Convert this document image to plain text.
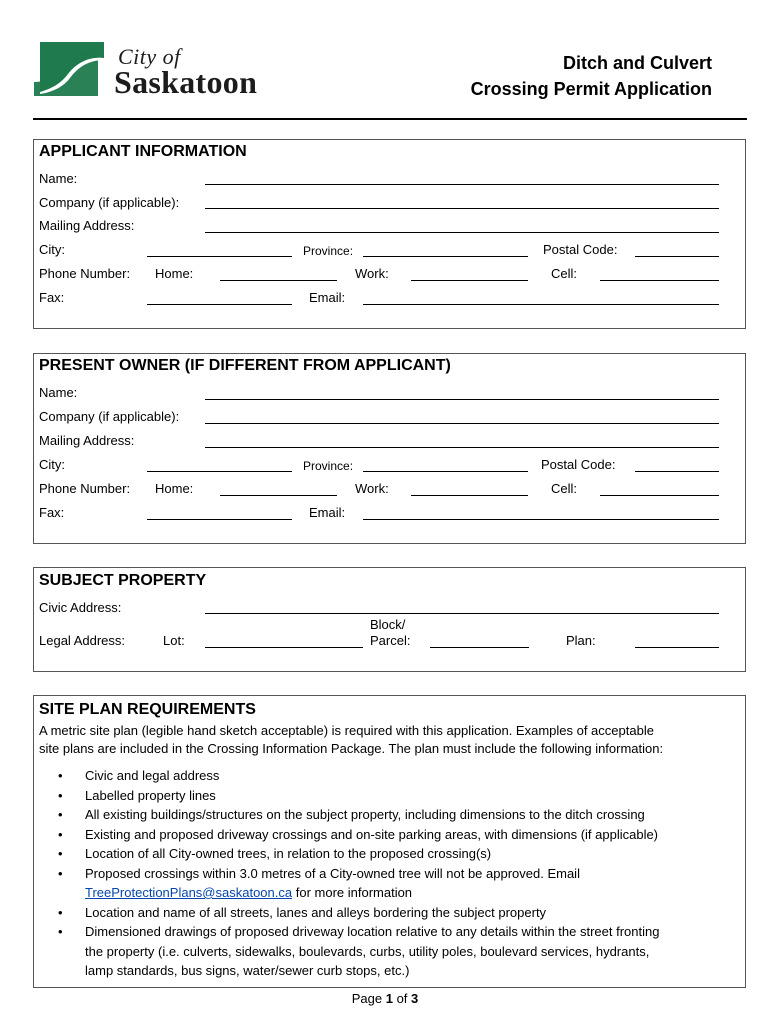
City of
Saskatoon
Ditch and Culvert
Crossing Permit Application
APPLICANT INFORMATION
Name:
Company (if applicable):
Mailing Address:
City:	Province:	Postal Code:
Phone Number: Home:	Work:	Cell:
Fax:	Email:
PRESENT OWNER (IF DIFFERENT FROM APPLICANT)
Name:
Company (if applicable):
Mailing Address:
City:	Province:	Postal Code:
Phone Number: Home:	Work:	Cell:
Fax:	Email:
SUBJECT PROPERTY
Civic Address:
Legal Address:	Lot:
Block/
Parcel:	Plan:
SITE PLAN REQUIREMENTS
A metric site plan (legible hand sketch acceptable) is required with this application. Examples of acceptable
site plans are included in the Crossing Information Package. The plan must include the following information:
• Civic and legal address
• Labelled property lines
• All existing buildings/structures on the subject property, including dimensions to the ditch crossing
• Existing and proposed driveway crossings and on-site parking areas, with dimensions (if applicable)
• Location of all City-owned trees, in relation to the proposed crossing(s)
• Proposed crossings within 3.0 metres of a City-owned tree will not be approved. Email
TreeProtectionPlans@saskatoon.ca for more information
• Location and name of all streets, lanes and alleys bordering the subject property
• Dimensioned drawings of proposed driveway location relative to any details within the street fronting
the property (i.e. culverts, sidewalks, boulevards, curbs, utility poles, boulevard services, hydrants,
lamp standards, bus signs, water/sewer curb stops, etc.)
Page 1 of 3
